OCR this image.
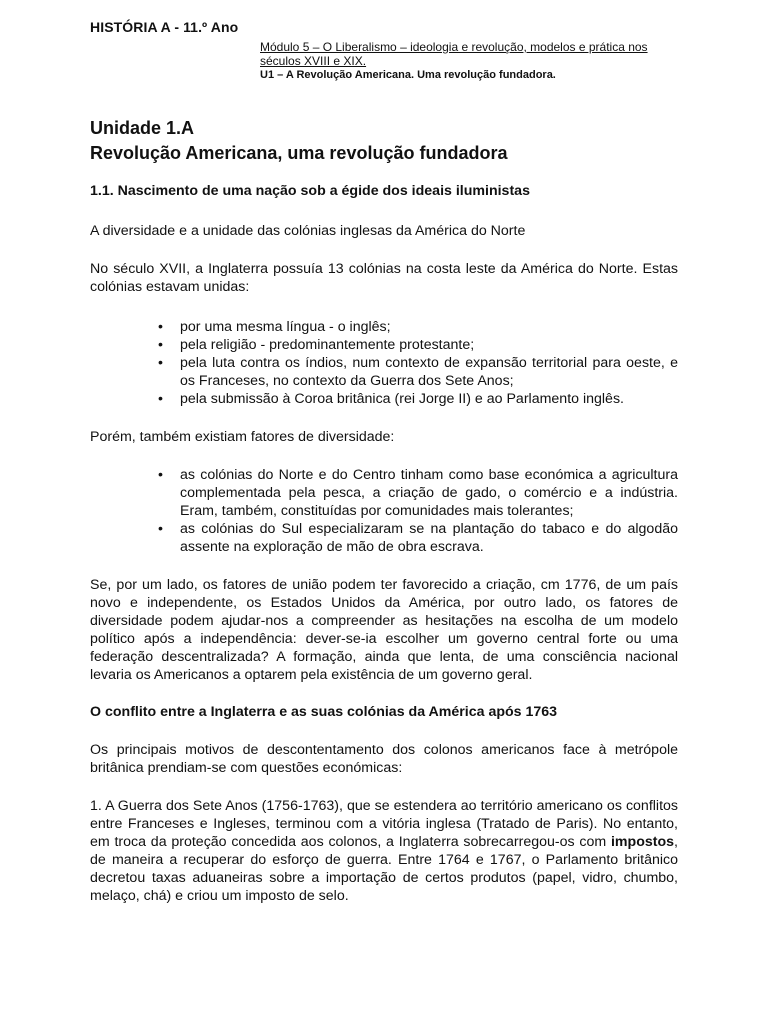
HISTÓRIA A - 11.º Ano
Módulo 5 – O Liberalismo – ideologia e revolução, modelos e prática nos
séculos XVIII e XIX.
U1 – A Revolução Americana. Uma revolução fundadora.
Unidade 1.A
Revolução Americana, uma revolução fundadora

1.1. Nascimento de uma nação sob a égide dos ideais iluministas

A diversidade e a unidade das colónias inglesas da América do Norte

No século XVII, a Inglaterra possuía 13 colónias na costa leste da América do Norte. Estas colónias estavam unidas:

• por uma mesma língua - o inglês;
• pela religião - predominantemente protestante;
• pela luta contra os índios, num contexto de expansão territorial para oeste, e os Franceses, no contexto da Guerra dos Sete Anos;
• pela submissão à Coroa britânica (rei Jorge II) e ao Parlamento inglês.

Porém, também existiam fatores de diversidade:

• as colónias do Norte e do Centro tinham como base económica a agricultura complementada pela pesca, a criação de gado, o comércio e a indústria. Eram, também, constituídas por comunidades mais tolerantes;
• as colónias do Sul especializaram se na plantação do tabaco e do algodão assente na exploração de mão de obra escrava.

Se, por um lado, os fatores de união podem ter favorecido a criação, cm 1776, de um país novo e independente, os Estados Unidos da América, por outro lado, os fatores de diversidade podem ajudar-nos a compreender as hesitações na escolha de um modelo político após a independência: dever-se-ia escolher um governo central forte ou uma federação descentralizada? A formação, ainda que lenta, de uma consciência nacional levaria os Americanos a optarem pela existência de um governo geral.

O conflito entre a Inglaterra e as suas colónias da América após 1763

Os principais motivos de descontentamento dos colonos americanos face à metrópole britânica prendiam-se com questões económicas:

1. A Guerra dos Sete Anos (1756-1763), que se estendera ao território americano os conflitos entre Franceses e Ingleses, terminou com a vitória inglesa (Tratado de Paris). No entanto, em troca da proteção concedida aos colonos, a Inglaterra sobrecarregou-os com impostos, de maneira a recuperar do esforço de guerra. Entre 1764 e 1767, o Parlamento britânico decretou taxas aduaneiras sobre a importação de certos produtos (papel, vidro, chumbo, melaço, chá) e criou um imposto de selo.
